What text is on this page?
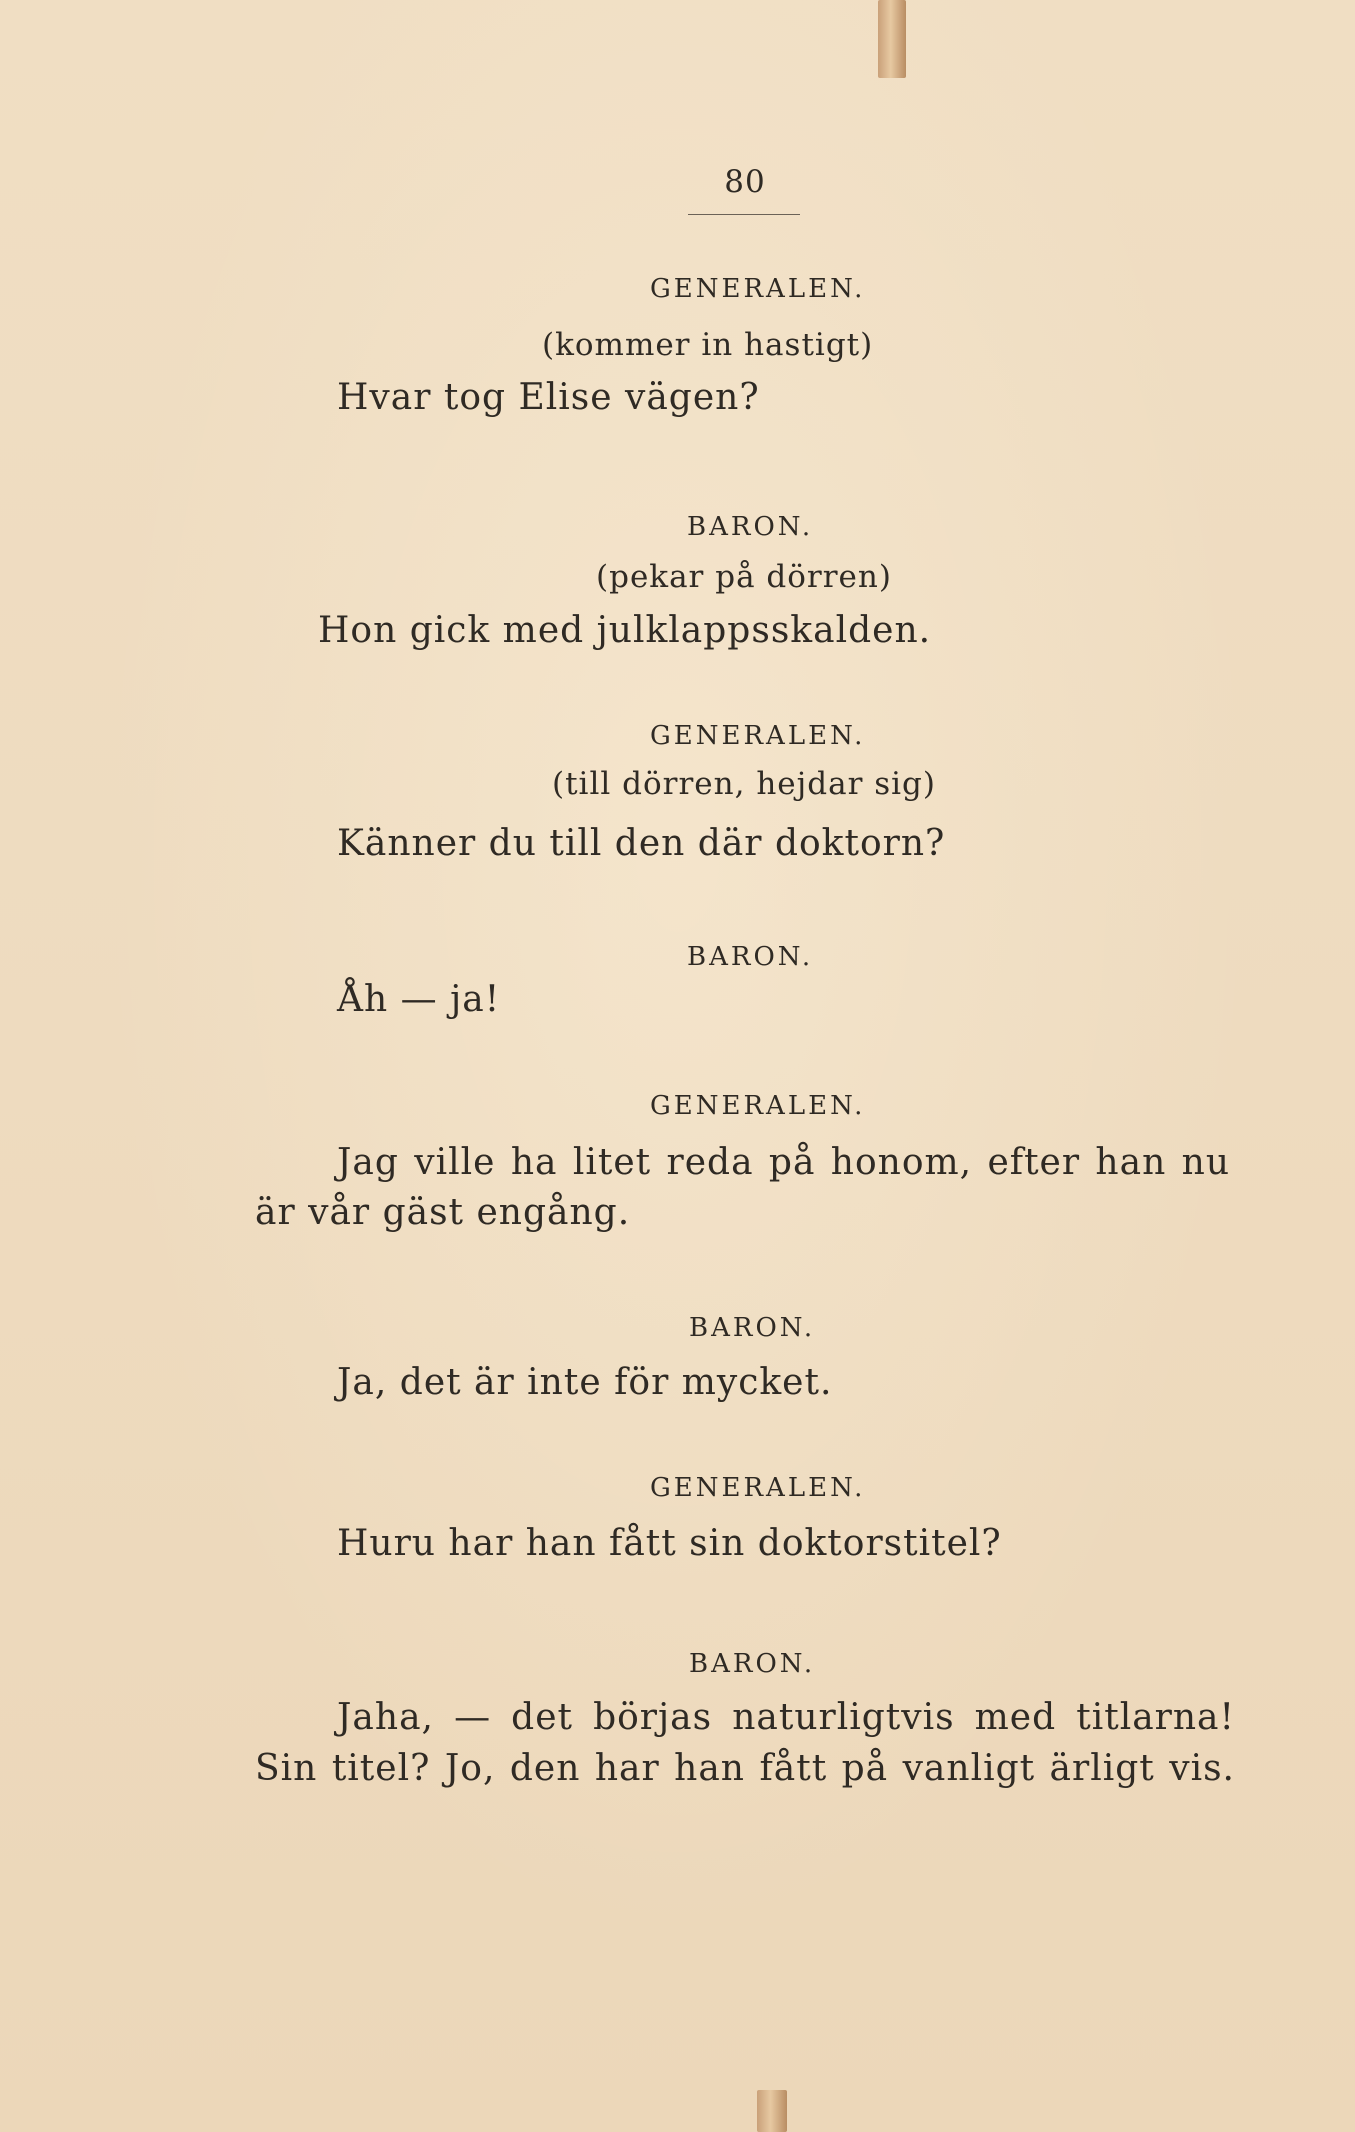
80
GENERALEN.
(kommer in hastigt)
Hvar tog Elise vägen?
BARON.
(pekar på dörren)
Hon gick med julklappsskalden.
GENERALEN.
(till dörren, hejdar sig)
Känner du till den där doktorn?
BARON.
Åh — ja!
GENERALEN.
Jag ville ha litet reda på honom, efter han nu
är vår gäst engång.
BARON.
Ja, det är inte för mycket.
GENERALEN.
Huru har han fått sin doktorstitel?
BARON.
Jaha, — det börjas naturligtvis med titlarna!
Sin titel? Jo, den har han fått på vanligt ärligt vis.
